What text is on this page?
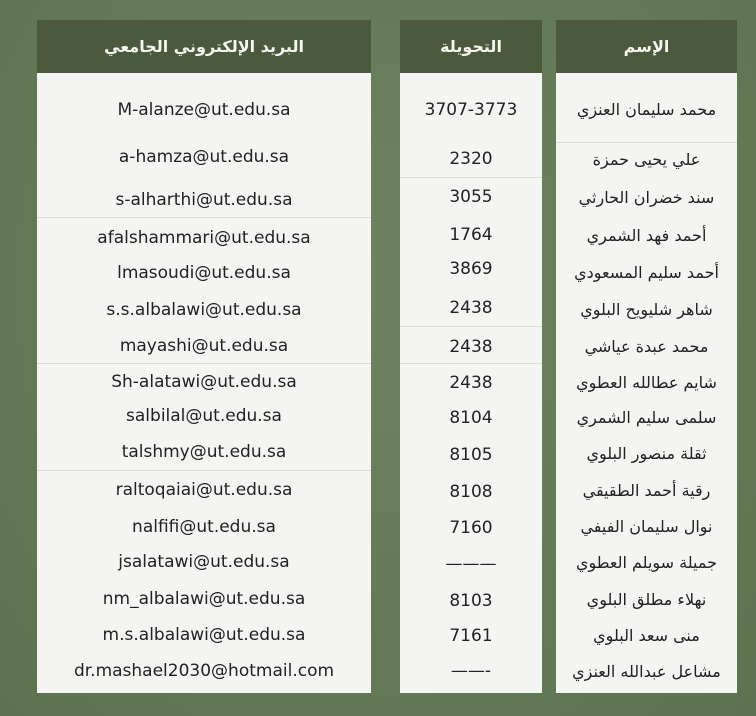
البريد الإلكتروني الجامعي
M-alanze@ut.edu.sa
a-hamza@ut.edu.sa
s-alharthi@ut.edu.sa
afalshammari@ut.edu.sa
lmasoudi@ut.edu.sa
s.s.albalawi@ut.edu.sa
mayashi@ut.edu.sa
Sh-alatawi@ut.edu.sa
salbilal@ut.edu.sa
talshmy@ut.edu.sa
raltoqaiai@ut.edu.sa
nalfifi@ut.edu.sa
jsalatawi@ut.edu.sa
nm_albalawi@ut.edu.sa
m.s.albalawi@ut.edu.sa
dr.mashael2030@hotmail.com
التحويلة
3707-3773
2320
3055
1764
3869
2438
2438
2438
8104
8105
8108
7160
———
8103
7161
——-
الإسم
محمد سليمان العنزي
علي يحيى حمزة
سند خضران الحارثي
أحمد فهد الشمري
أحمد سليم المسعودي
شاهر شليويح البلوي
محمد عبدة عياشي
شايم عطالله العطوي
سلمى سليم الشمري
ثقلة منصور البلوي
رقية أحمد الطقيقي
نوال سليمان الفيفي
جميلة سويلم العطوي
نهلاء مطلق البلوي
منى سعد البلوي
مشاعل عبدالله العنزي
